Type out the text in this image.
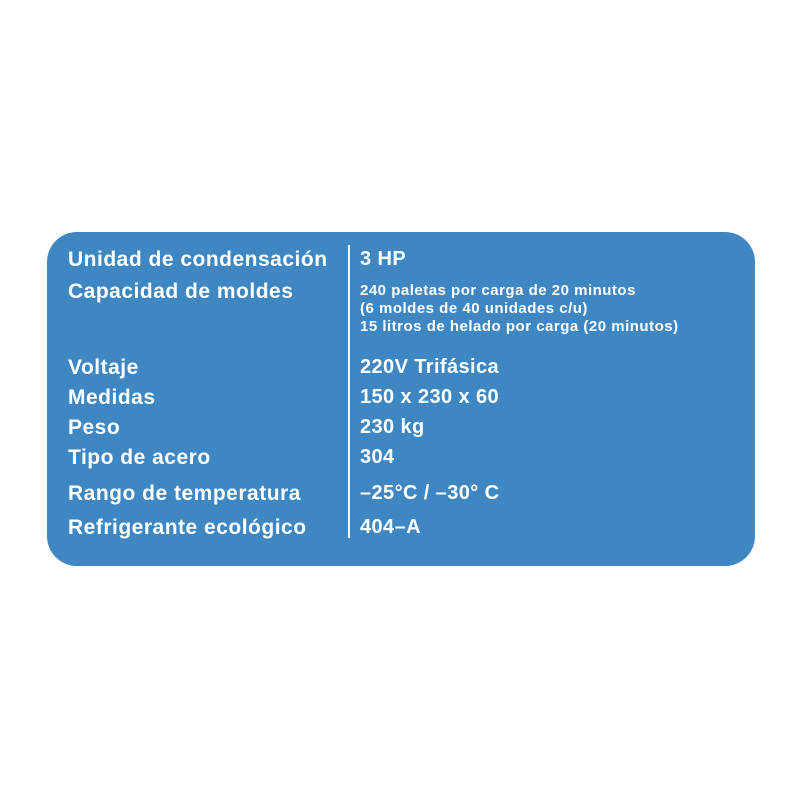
Unidad de condensación 3 HP
Capacidad de moldes	240 paletas por carga de 20 minutos
(6 moldes de 40 unidades c/u)
15 litros de helado por carga (20 minutos)
Voltaje	220V Trifásica
Medidas	150 x 230 x 60
Peso	230 kg
Tipo de acero	304
Rango de temperatura	–25°C / –30° C
Refrigerante ecológico	404–A
